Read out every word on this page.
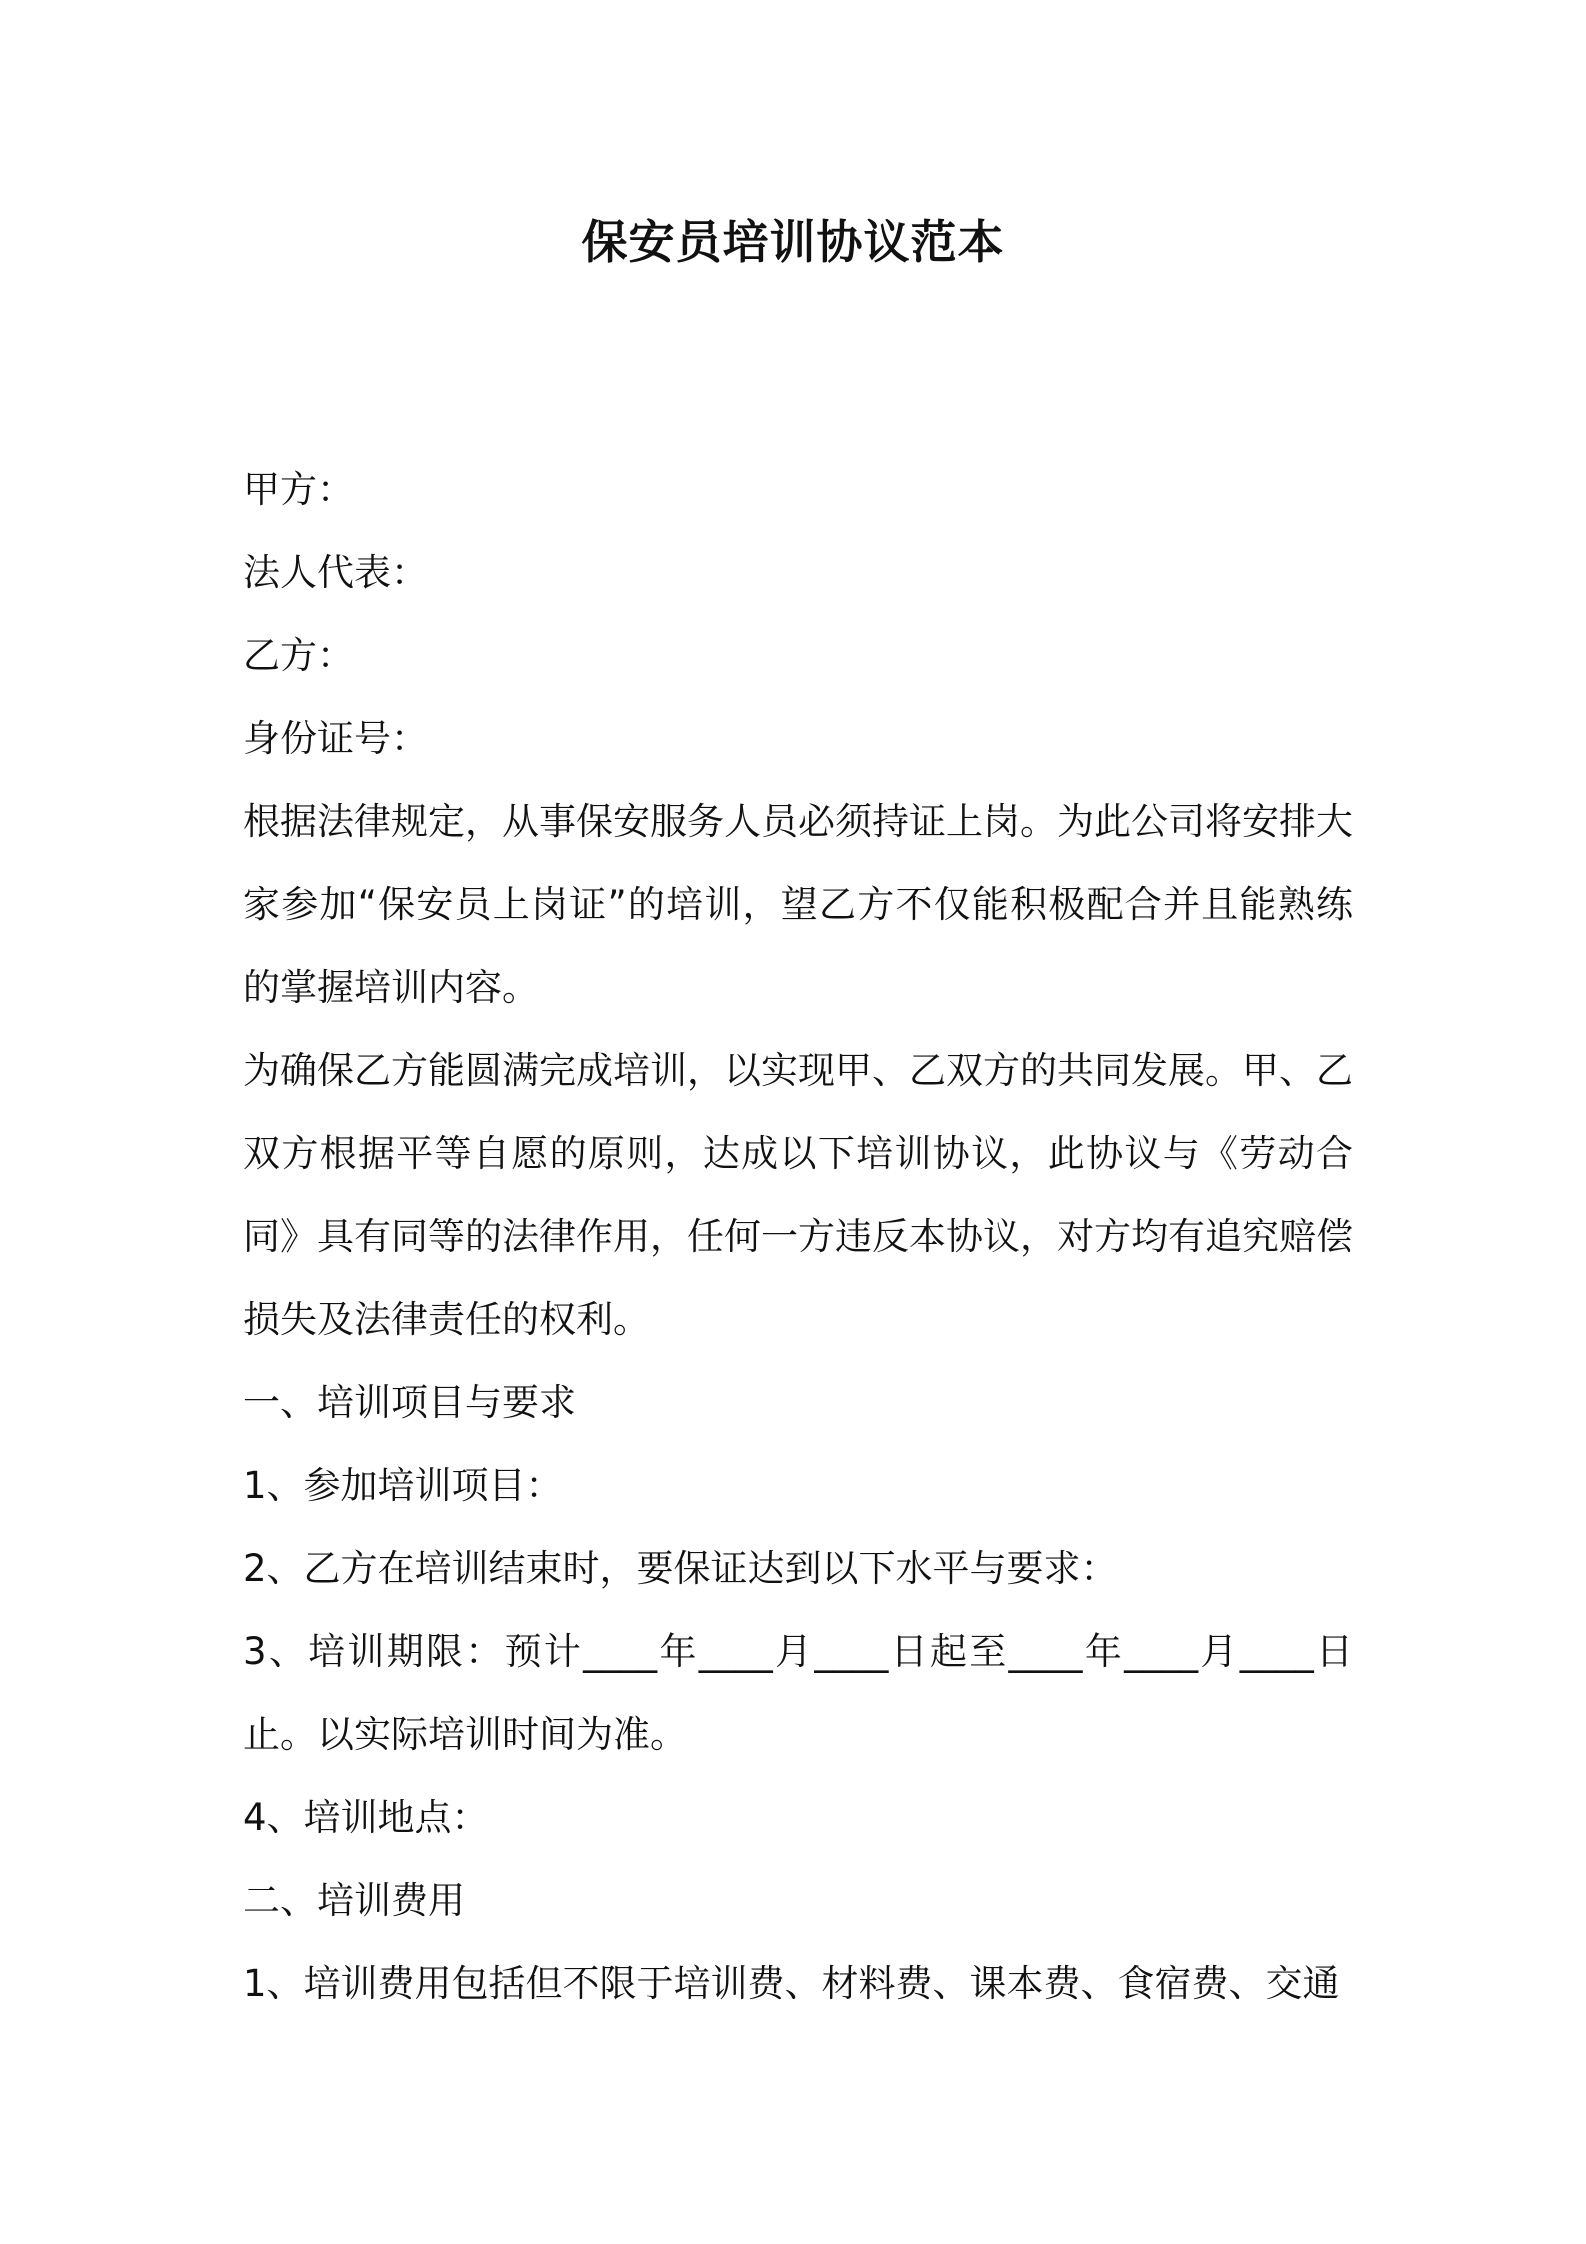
保安员培训协议范本
甲方：
法人代表：
乙方：
身份证号：
根据法律规定，从事保安服务人员必须持证上岗。为此公司将安排大家参加“保安员上岗证”的培训，望乙方不仅能积极配合并且能熟练的掌握培训内容。
为确保乙方能圆满完成培训，以实现甲、乙双方的共同发展。甲、乙双方根据平等自愿的原则，达成以下培训协议，此协议与《劳动合同》具有同等的法律作用，任何一方违反本协议，对方均有追究赔偿损失及法律责任的权利。
一、培训项目与要求
1、参加培训项目：
2、乙方在培训结束时，要保证达到以下水平与要求：
3、培训期限：预计____年____月____日起至____年____月____日止。以实际培训时间为准。
4、培训地点：
二、培训费用
1、培训费用包括但不限于培训费、材料费、课本费、食宿费、交通
